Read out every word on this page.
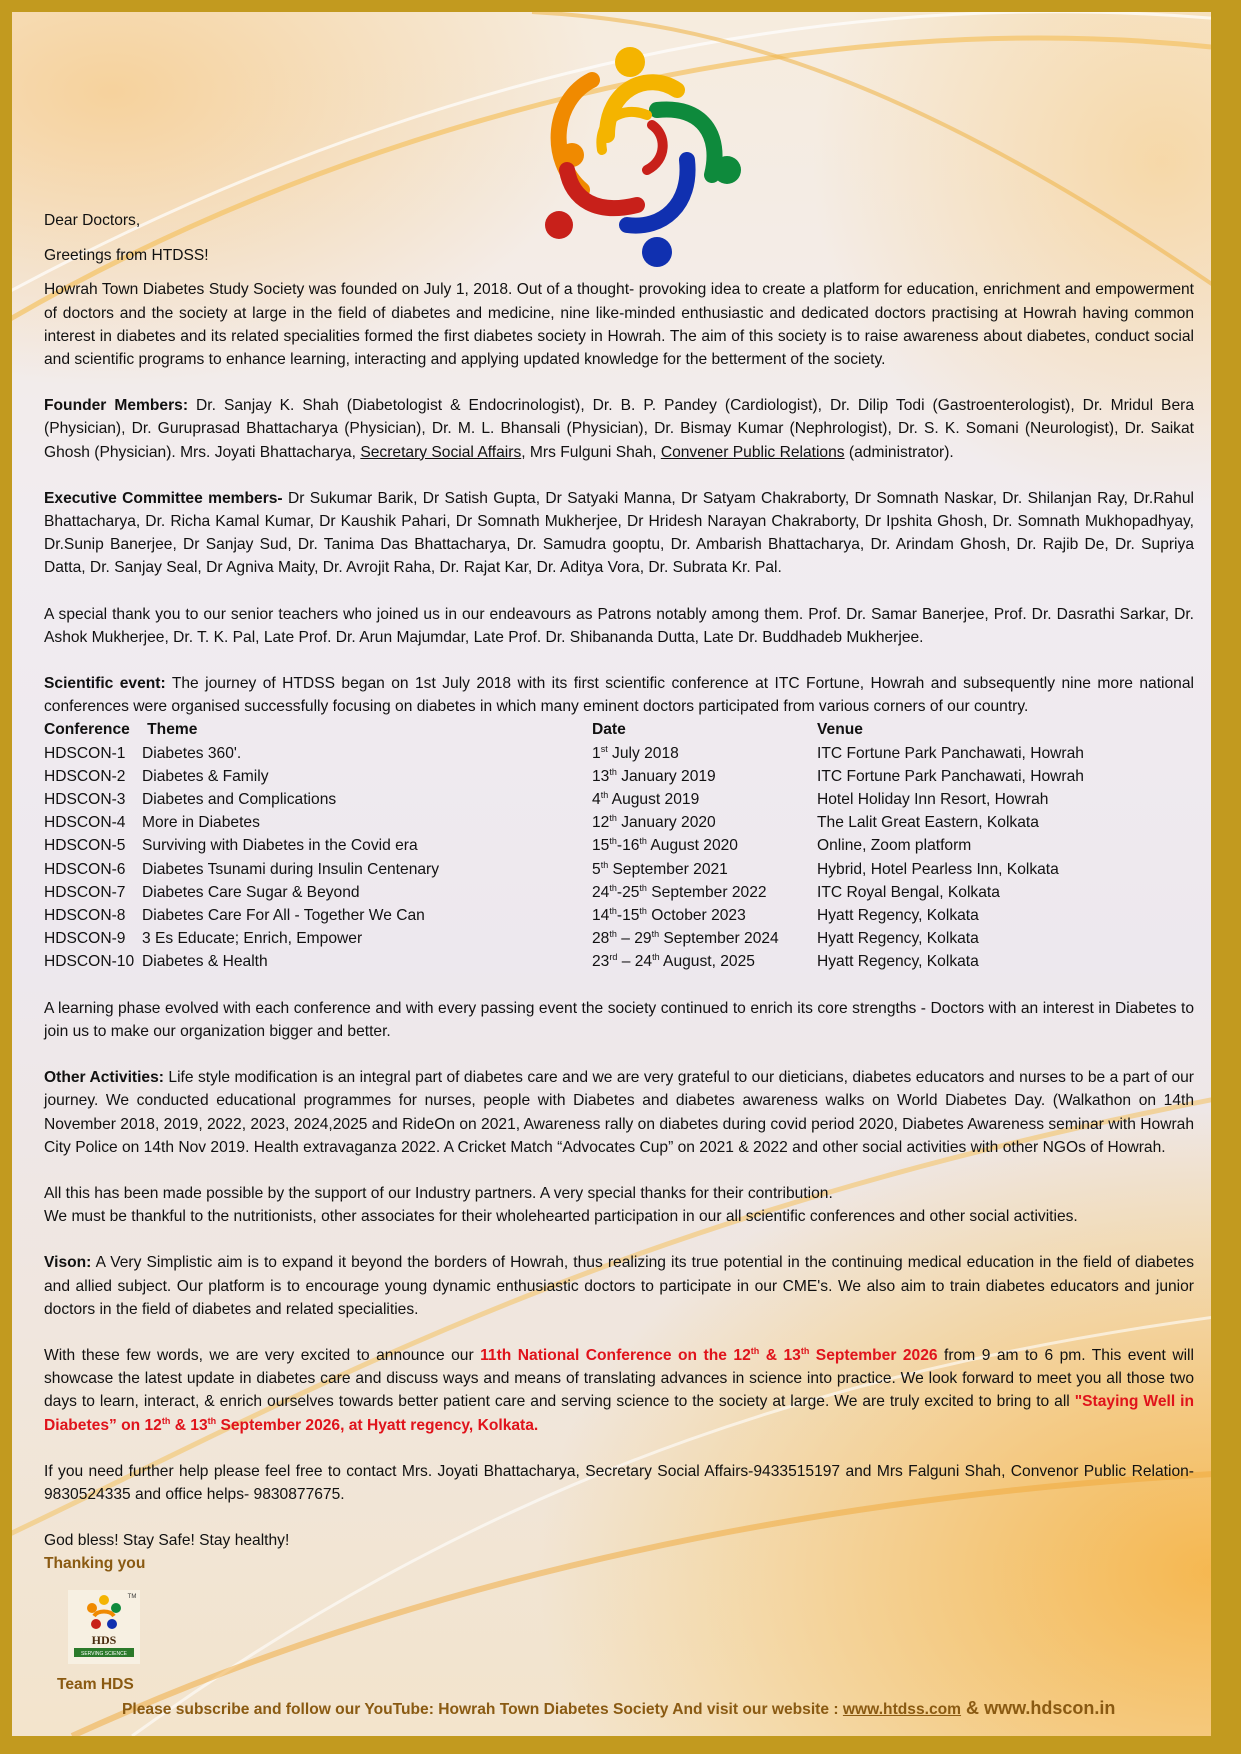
Dear Doctors,

Greetings from HTDSS!

Howrah Town Diabetes Study Society was founded on July 1, 2018. Out of a thought- provoking idea to create a platform for education, enrichment and empowerment of doctors and the society at large in the field of diabetes and medicine, nine like-minded enthusiastic and dedicated doctors practising at Howrah having common interest in diabetes and its related specialities formed the first diabetes society in Howrah. The aim of this society is to raise awareness about diabetes, conduct social and scientific programs to enhance learning, interacting and applying updated knowledge for the betterment of the society.

Founder Members: Dr. Sanjay K. Shah (Diabetologist & Endocrinologist), Dr. B. P. Pandey (Cardiologist), Dr. Dilip Todi (Gastroenterologist), Dr. Mridul Bera (Physician), Dr. Guruprasad Bhattacharya (Physician), Dr. M. L. Bhansali (Physician), Dr. Bismay Kumar (Nephrologist), Dr. S. K. Somani (Neurologist), Dr. Saikat Ghosh (Physician). Mrs. Joyati Bhattacharya, Secretary Social Affairs, Mrs Fulguni Shah, Convener Public Relations (administrator).

Executive Committee members- Dr Sukumar Barik, Dr Satish Gupta, Dr Satyaki Manna, Dr Satyam Chakraborty, Dr Somnath Naskar, Dr. Shilanjan Ray, Dr.Rahul Bhattacharya, Dr. Richa Kamal Kumar, Dr Kaushik Pahari, Dr Somnath Mukherjee, Dr Hridesh Narayan Chakraborty, Dr Ipshita Ghosh, Dr. Somnath Mukhopadhyay, Dr.Sunip Banerjee, Dr Sanjay Sud, Dr. Tanima Das Bhattacharya, Dr. Samudra gooptu, Dr. Ambarish Bhattacharya, Dr. Arindam Ghosh, Dr. Rajib De, Dr. Supriya Datta, Dr. Sanjay Seal, Dr Agniva Maity, Dr. Avrojit Raha, Dr. Rajat Kar, Dr. Aditya Vora, Dr. Subrata Kr. Pal.

A special thank you to our senior teachers who joined us in our endeavours as Patrons notably among them. Prof. Dr. Samar Banerjee, Prof. Dr. Dasrathi Sarkar, Dr. Ashok Mukherjee, Dr. T. K. Pal, Late Prof. Dr. Arun Majumdar, Late Prof. Dr. Shibananda Dutta, Late Dr. Buddhadeb Mukherjee.

Scientific event: The journey of HTDSS began on 1st July 2018 with its first scientific conference at ITC Fortune, Howrah and subsequently nine more national conferences were organised successfully focusing on diabetes in which many eminent doctors participated from various corners of our country.

Conference Theme		Date	Venue
HDSCON-1	Diabetes 360'.	1st July 2018	ITC Fortune Park Panchawati, Howrah
HDSCON-2	Diabetes & Family	13th January 2019	ITC Fortune Park Panchawati, Howrah
HDSCON-3	Diabetes and Complications	4th August 2019	Hotel Holiday Inn Resort, Howrah
HDSCON-4	More in Diabetes	12th January 2020	The Lalit Great Eastern, Kolkata
HDSCON-5	Surviving with Diabetes in the Covid era	15th-16th August 2020	Online, Zoom platform
HDSCON-6	Diabetes Tsunami during Insulin Centenary	5th September 2021	Hybrid, Hotel Pearless Inn, Kolkata
HDSCON-7	Diabetes Care Sugar & Beyond	24th-25th September 2022	ITC Royal Bengal, Kolkata
HDSCON-8	Diabetes Care For All - Together We Can	14th-15th October 2023	Hyatt Regency, Kolkata
HDSCON-9	3 Es Educate; Enrich, Empower	28th – 29th September 2024	Hyatt Regency, Kolkata
HDSCON-10	Diabetes & Health	23rd – 24th August, 2025	Hyatt Regency, Kolkata

A learning phase evolved with each conference and with every passing event the society continued to enrich its core strengths - Doctors with an interest in Diabetes to join us to make our organization bigger and better.

Other Activities: Life style modification is an integral part of diabetes care and we are very grateful to our dieticians, diabetes educators and nurses to be a part of our journey. We conducted educational programmes for nurses, people with Diabetes and diabetes awareness walks on World Diabetes Day. (Walkathon on 14th November 2018, 2019, 2022, 2023, 2024,2025 and RideOn on 2021, Awareness rally on diabetes during covid period 2020, Diabetes Awareness seminar with Howrah City Police on 14th Nov 2019. Health extravaganza 2022. A Cricket Match “Advocates Cup” on 2021 & 2022 and other social activities with other NGOs of Howrah.

All this has been made possible by the support of our Industry partners. A very special thanks for their contribution.

We must be thankful to the nutritionists, other associates for their wholehearted participation in our all scientific conferences and other social activities.

Vison: A Very Simplistic aim is to expand it beyond the borders of Howrah, thus realizing its true potential in the continuing medical education in the field of diabetes and allied subject. Our platform is to encourage young dynamic enthusiastic doctors to participate in our CME's. We also aim to train diabetes educators and junior doctors in the field of diabetes and related specialities.

With these few words, we are very excited to announce our 11th National Conference on the 12th & 13th September 2026 from 9 am to 6 pm. This event will showcase the latest update in diabetes care and discuss ways and means of translating advances in science into practice. We look forward to meet you all those two days to learn, interact, & enrich ourselves towards better patient care and serving science to the society at large. We are truly excited to bring to all "Staying Well in Diabetes” on 12th & 13th September 2026, at Hyatt regency, Kolkata.

If you need further help please feel free to contact Mrs. Joyati Bhattacharya, Secretary Social Affairs-9433515197 and Mrs Falguni Shah, Convenor Public Relation-9830524335 and office helps- 9830877675.

God bless! Stay Safe! Stay healthy!

Thanking you

HDS
SERVING SCIENCE
TM
Team HDS
Please subscribe and follow our YouTube: Howrah Town Diabetes Society And visit our website : www.htdss.com & www.hdscon.in
